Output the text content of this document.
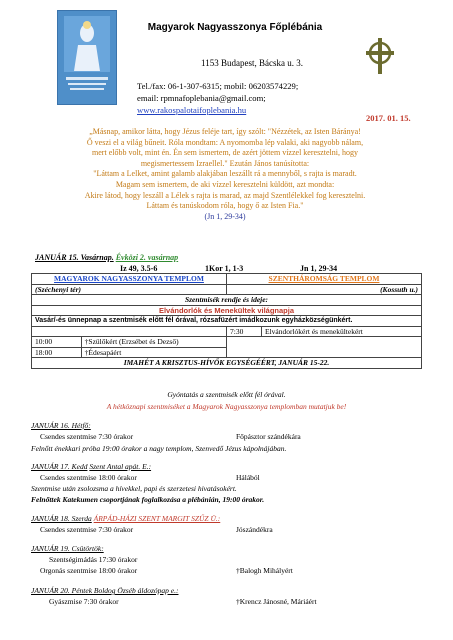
Magyarok Nagyasszonya Főplébánia
1153 Budapest, Bácska u. 3.
Tel./fax: 06-1-307-6315; mobil: 06203574229;
email: rpmnafoplebania@gmail.com;
www.rakospalotaifoplebania.hu
2017. 01. 15.
„Másnap, amikor látta, hogy Jézus feléje tart, így szólt: "Nézzétek, az Isten Báránya!
Ő veszi el a világ bűneit. Róla mondtam: A nyomomba lép valaki, aki nagyobb nálam,
mert előbb volt, mint én. Én sem ismertem, de azért jöttem vízzel keresztelni, hogy
megismertessem Izraellel." Ezután János tanúsította:
"Láttam a Lelket, amint galamb alakjában leszállt rá a mennyből, s rajta is maradt.
Magam sem ismertem, de aki vízzel keresztelni küldött, azt mondta:
Akire látod, hogy leszáll a Lélek s rajta is marad, az majd Szentlélekkel fog keresztelni.
Láttam és tanúskodom róla, hogy ő az Isten Fia."
(Jn 1, 29-34)
JANUÁR 15. Vasárnap. Évközi 2. vasárnap
Iz 49, 3.5-6	1Kor 1, 1-3	Jn 1, 29-34
MAGYAROK NAGYASSZONYA TEMPLOM		SZENTHÁROMSÁG TEMPLOM	
(Széchenyi tér)		(Kossuth u.)	
Szentmisék rendje és ideje:			
Elvándorlók és Menekültek világnapja			
Vasár/-és ünnepnap a szentmisék előtt fél órával, rózsafüzért imádkozunk egyházközségünkért.			
		7:30	Elvándorlókért és menekültekért
10:00	†Szülőkért (Erzsébet és Dezső)		
18:00	†Édesapáért		
IMAHÉT A KRISZTUS-HÍVŐK EGYSÉGÉÉRT, JANUÁR 15-22.			
Gyóntatás a szentmisék előtt fél órával.
A hétköznapi szentmiséket a Magyarok Nagyasszonya templomban mutatjuk be!
JANUÁR 16. Hétfő:
Csendes szentmise 7:30 órakor	Főpásztor szándékára
Felnőtt énekkari próba 19:00 órakor a nagy templom, Szenvedő Jézus kápolnájában.
JANUÁR 17. Kedd Szent Antal apát. E.:
Csendes szentmise 18:00 órakor	Hálából
Szentmise után zsolozsma a hívekkel, papi és szerzetesi hivatásokért.
Felnőttek Katekumen csoportjának foglalkozása a plébánián, 19:00 órakor.
JANUÁR 18. Szerda ÁRPÁD-HÁZI SZENT MARGIT SZŰZ Ü.:
Csendes szentmise 7:30 órakor	Jószándékra
JANUÁR 19. Csütörtök:
Szentségimádás 17:30 órakor
Orgonás szentmise 18:00 órakor	†Balogh Mihályért
JANUÁR 20. Péntek Boldog Özséb áldozópap e.:
Gyászmise 7:30 órakor	†Krencz Jánosné, Máriáért
